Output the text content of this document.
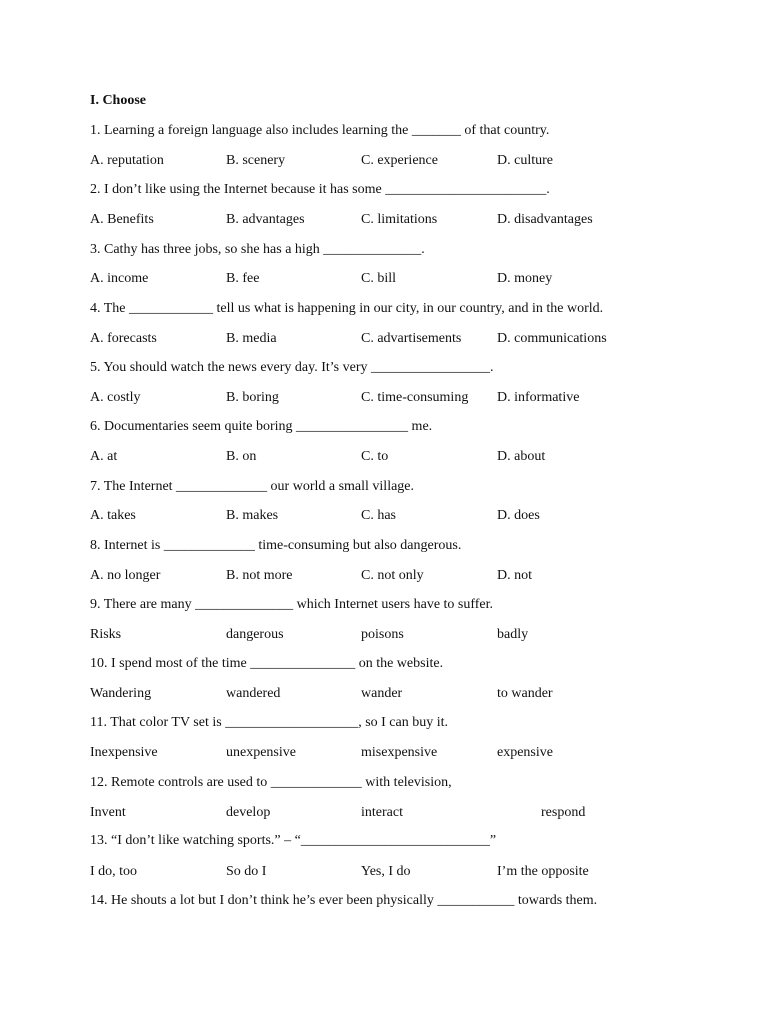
I. Choose
1. Learning a foreign language also includes learning the _______ of that country.
A. reputation	B. scenery	C. experience	D. culture
2. I don’t like using the Internet because it has some _______________________.
A. Benefits	B. advantages	C. limitations	D. disadvantages
3. Cathy has three jobs, so she has a high ______________.
A. income	B. fee	C. bill	D. money
4. The ____________ tell us what is happening in our city, in our country, and in the world.
A. forecasts	B. media	C. advartisements	D. communications
5. You should watch the news every day. It’s very _________________.
A. costly	B. boring	C. time-consuming D. informative
6. Documentaries seem quite boring ________________ me.
A. at	B. on	C. to	D. about
7. The Internet _____________ our world a small village.
A. takes	B. makes	C. has	D. does
8. Internet is _____________ time-consuming but also dangerous.
A. no longer	B. not more	C. not only	D. not
9. There are many ______________ which Internet users have to suffer.
Risks	dangerous	poisons	badly
10. I spend most of the time _______________ on the website.
Wandering	wandered	wander	to wander
11. That color TV set is ___________________, so I can buy it.
Inexpensive	unexpensive	misexpensive	expensive
12. Remote controls are used to _____________ with television,
Invent	develop	interact	respond
13. “I don’t like watching sports.” – “___________________________”
I do, too	So do I	Yes, I do	I’m the opposite
14. He shouts a lot but I don’t think he’s ever been physically ___________ towards them.
